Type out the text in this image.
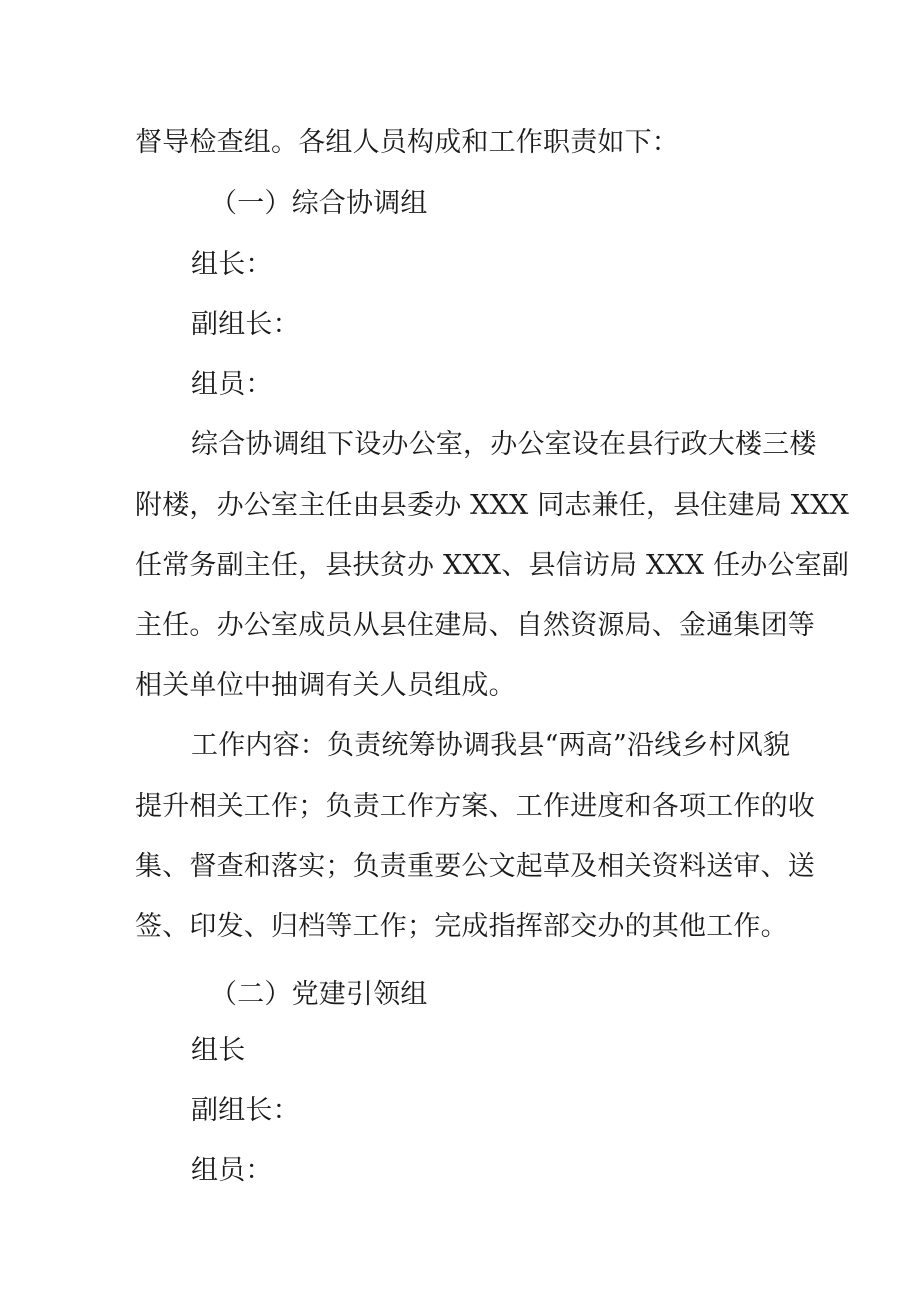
督导检查组。各组人员构成和工作职责如下：
（一）综合协调组
组长：
副组长：
组员：
综合协调组下设办公室，办公室设在县行政大楼三楼
附楼，办公室主任由县委办 XXX 同志兼任，县住建局 XXX
任常务副主任，县扶贫办 XXX、县信访局 XXX 任办公室副
主任。办公室成员从县住建局、自然资源局、金通集团等
相关单位中抽调有关人员组成。
工作内容：负责统筹协调我县“两高”沿线乡村风貌
提升相关工作；负责工作方案、工作进度和各项工作的收
集、督查和落实；负责重要公文起草及相关资料送审、送
签、印发、归档等工作；完成指挥部交办的其他工作。
（二）党建引领组
组长
副组长：
组员：
